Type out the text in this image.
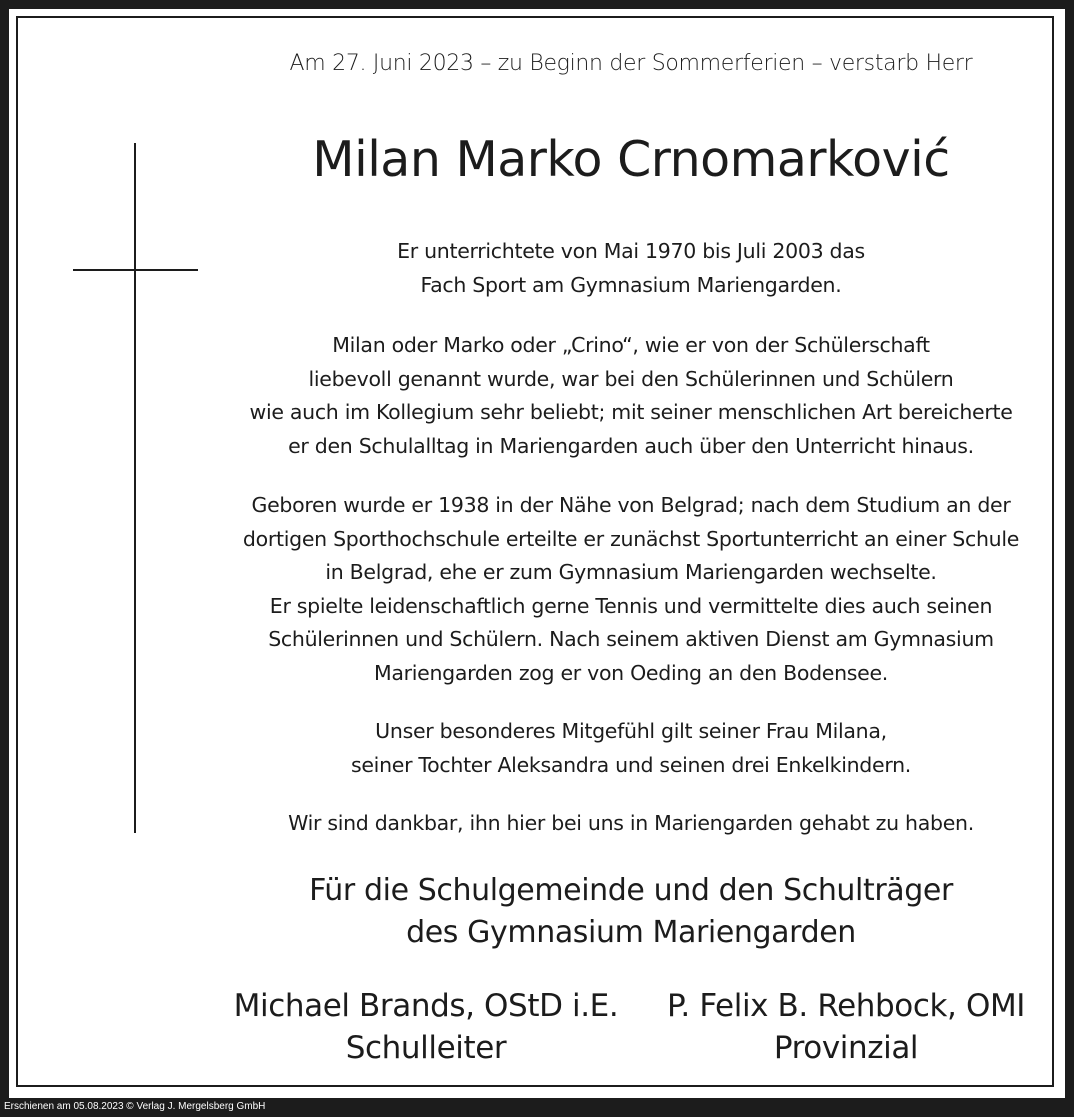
Am 27. Juni 2023 – zu Beginn der Sommerferien – verstarb Herr
Milan Marko Crnomarković
Er unterrichtete von Mai 1970 bis Juli 2003 das
Fach Sport am Gymnasium Mariengarden.
Milan oder Marko oder „Crino“, wie er von der Schülerschaft
liebevoll genannt wurde, war bei den Schülerinnen und Schülern
wie auch im Kollegium sehr beliebt; mit seiner menschlichen Art bereicherte
er den Schulalltag in Mariengarden auch über den Unterricht hinaus.
Geboren wurde er 1938 in der Nähe von Belgrad; nach dem Studium an der
dortigen Sporthochschule erteilte er zunächst Sportunterricht an einer Schule
in Belgrad, ehe er zum Gymnasium Mariengarden wechselte.
Er spielte leidenschaftlich gerne Tennis und vermittelte dies auch seinen
Schülerinnen und Schülern. Nach seinem aktiven Dienst am Gymnasium
Mariengarden zog er von Oeding an den Bodensee.
Unser besonderes Mitgefühl gilt seiner Frau Milana,
seiner Tochter Aleksandra und seinen drei Enkelkindern.
Wir sind dankbar, ihn hier bei uns in Mariengarden gehabt zu haben.
Für die Schulgemeinde und den Schulträger
des Gymnasium Mariengarden
Michael Brands, OStD i.E.
Schulleiter
P. Felix B. Rehbock, OMI
Provinzial
Erschienen am 05.08.2023 © Verlag J. Mergelsberg GmbH
